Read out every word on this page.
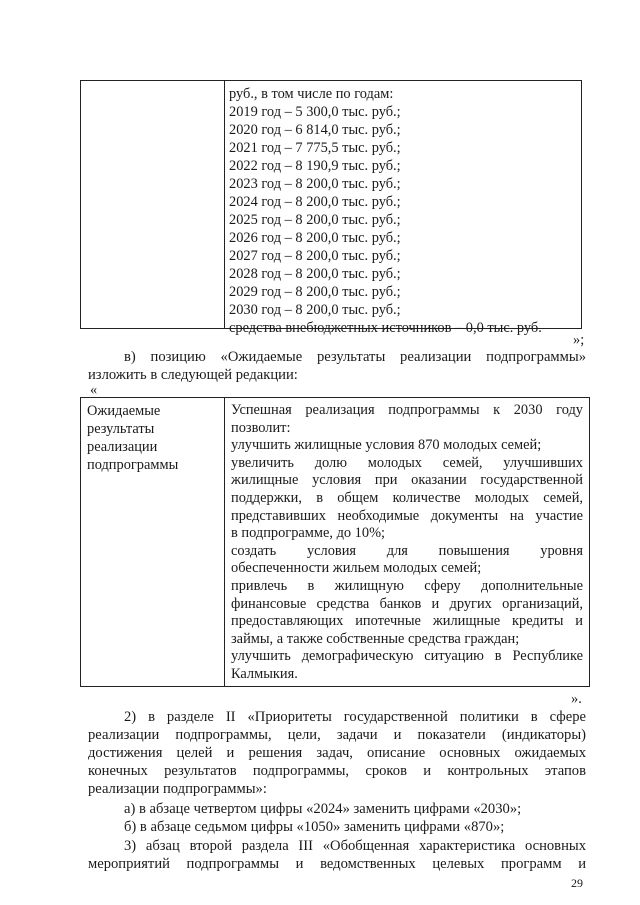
руб., в том числе по годам:
2019 год – 5 300,0 тыс. руб.;
2020 год – 6 814,0 тыс. руб.;
2021 год – 7 775,5 тыс. руб.;
2022 год – 8 190,9 тыс. руб.;
2023 год – 8 200,0 тыс. руб.;
2024 год – 8 200,0 тыс. руб.;
2025 год – 8 200,0 тыс. руб.;
2026 год – 8 200,0 тыс. руб.;
2027 год – 8 200,0 тыс. руб.;
2028 год – 8 200,0 тыс. руб.;
2029 год – 8 200,0 тыс. руб.;
2030 год – 8 200,0 тыс. руб.;
средства внебюджетных источников – 0,0 тыс. руб.
»;
в) позицию «Ожидаемые результаты реализации подпрограммы»
изложить в следующей редакции:
«
Ожидаемые
результаты
реализации
подпрограммы
Успешная реализация подпрограммы к 2030 году
позволит:
улучшить жилищные условия 870 молодых семей;
увеличить долю молодых семей, улучшивших
жилищные условия при оказании государственной
поддержки, в общем количестве молодых семей,
представивших необходимые документы на участие
в подпрограмме, до 10%;
создать условия для повышения уровня
обеспеченности жильем молодых семей;
привлечь в жилищную сферу дополнительные
финансовые средства банков и других организаций,
предоставляющих ипотечные жилищные кредиты и
займы, а также собственные средства граждан;
улучшить демографическую ситуацию в Республике
Калмыкия.
».
2) в разделе II «Приоритеты государственной политики в сфере
реализации подпрограммы, цели, задачи и показатели (индикаторы)
достижения целей и решения задач, описание основных ожидаемых
конечных результатов подпрограммы, сроков и контрольных этапов
реализации подпрограммы»:
а) в абзаце четвертом цифры «2024» заменить цифрами «2030»;
б) в абзаце седьмом цифры «1050» заменить цифрами «870»;
3) абзац второй раздела III «Обобщенная характеристика основных
мероприятий подпрограммы и ведомственных целевых программ и
29
